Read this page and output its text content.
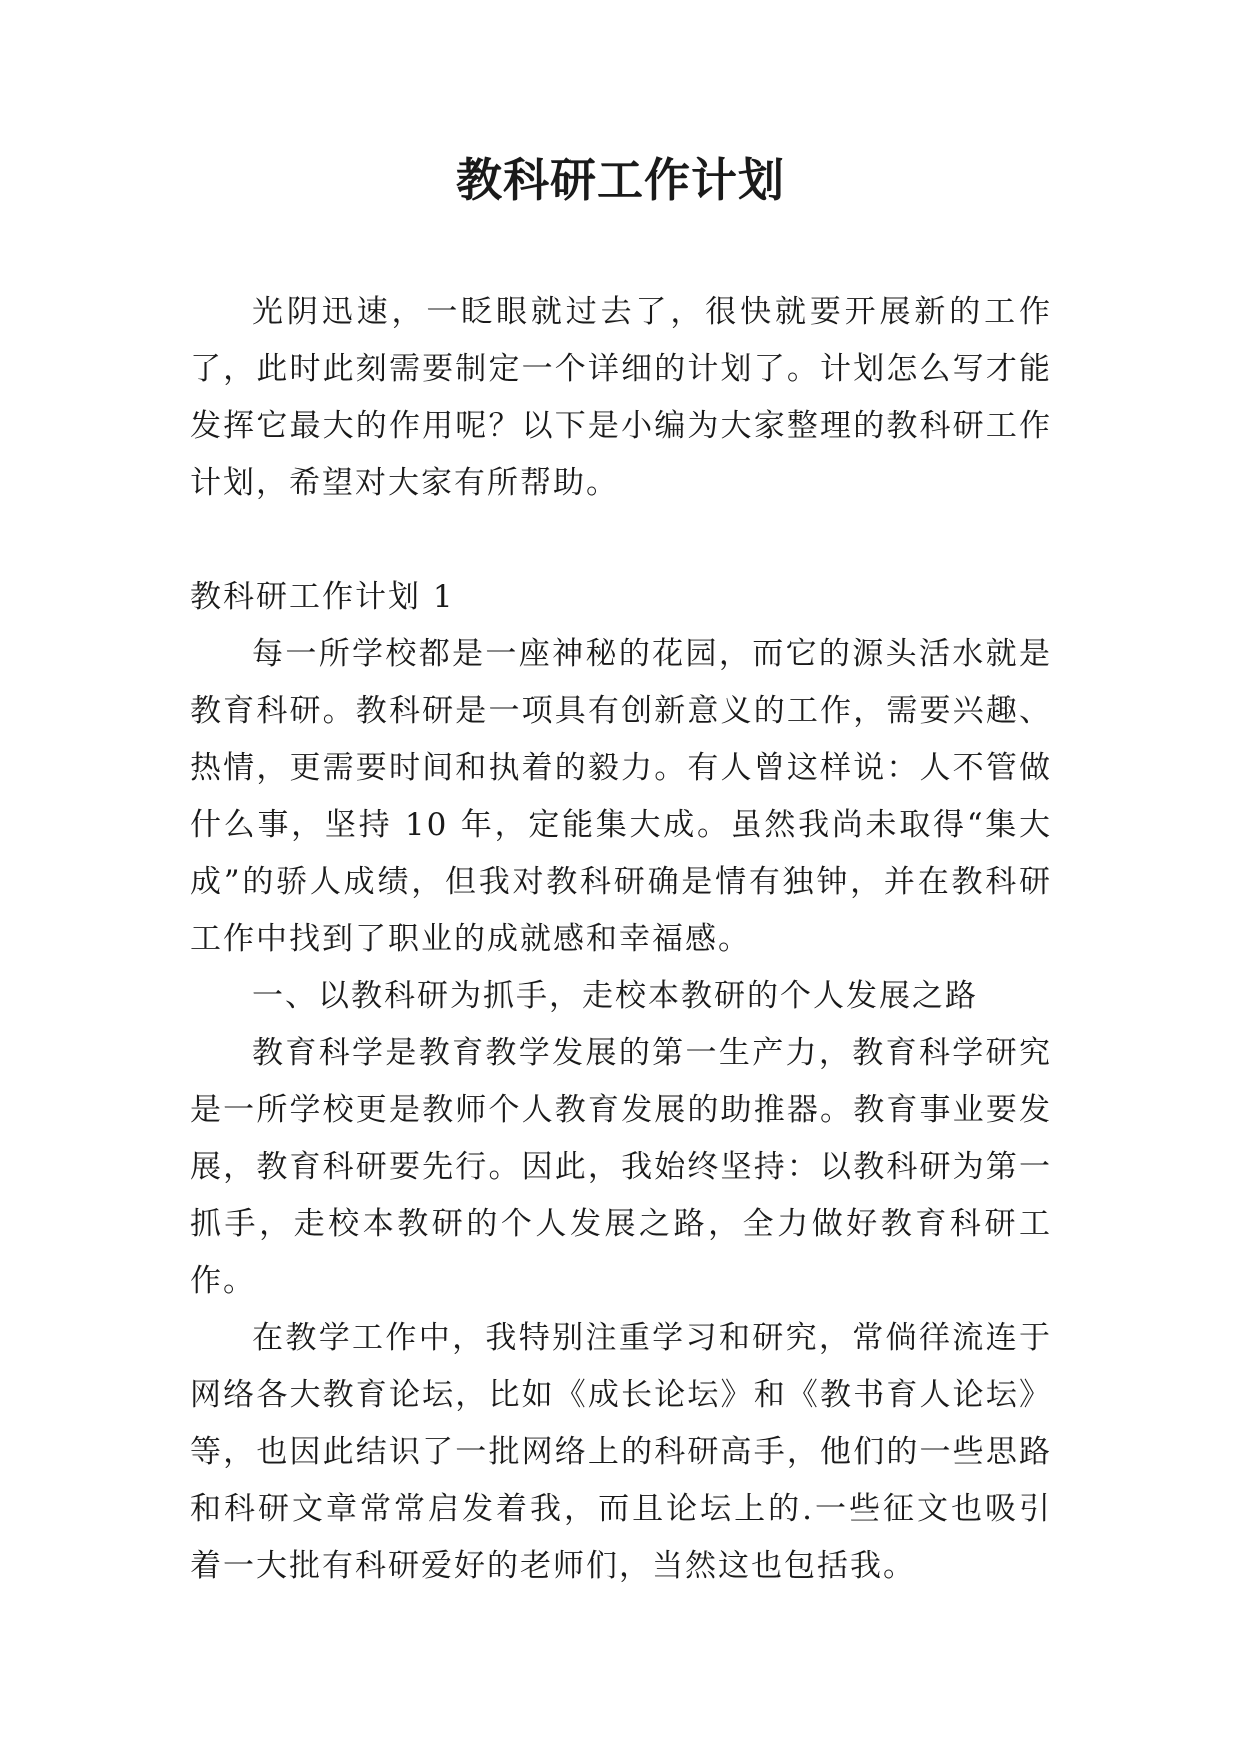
教科研工作计划

光阴迅速，一眨眼就过去了，很快就要开展新的工作了，此时此刻需要制定一个详细的计划了。计划怎么写才能发挥它最大的作用呢？以下是小编为大家整理的教科研工作计划，希望对大家有所帮助。

教科研工作计划 1

每一所学校都是一座神秘的花园，而它的源头活水就是教育科研。教科研是一项具有创新意义的工作，需要兴趣、热情，更需要时间和执着的毅力。有人曾这样说：人不管做什么事，坚持 10 年，定能集大成。虽然我尚未取得“集大成”的骄人成绩，但我对教科研确是情有独钟，并在教科研工作中找到了职业的成就感和幸福感。

一、以教科研为抓手，走校本教研的个人发展之路

教育科学是教育教学发展的第一生产力，教育科学研究是一所学校更是教师个人教育发展的助推器。教育事业要发展，教育科研要先行。因此，我始终坚持：以教科研为第一抓手，走校本教研的个人发展之路，全力做好教育科研工作。

在教学工作中，我特别注重学习和研究，常倘徉流连于网络各大教育论坛，比如《成长论坛》和《教书育人论坛》等，也因此结识了一批网络上的科研高手，他们的一些思路和科研文章常常启发着我，而且论坛上的.一些征文也吸引着一大批有科研爱好的老师们，当然这也包括我。
